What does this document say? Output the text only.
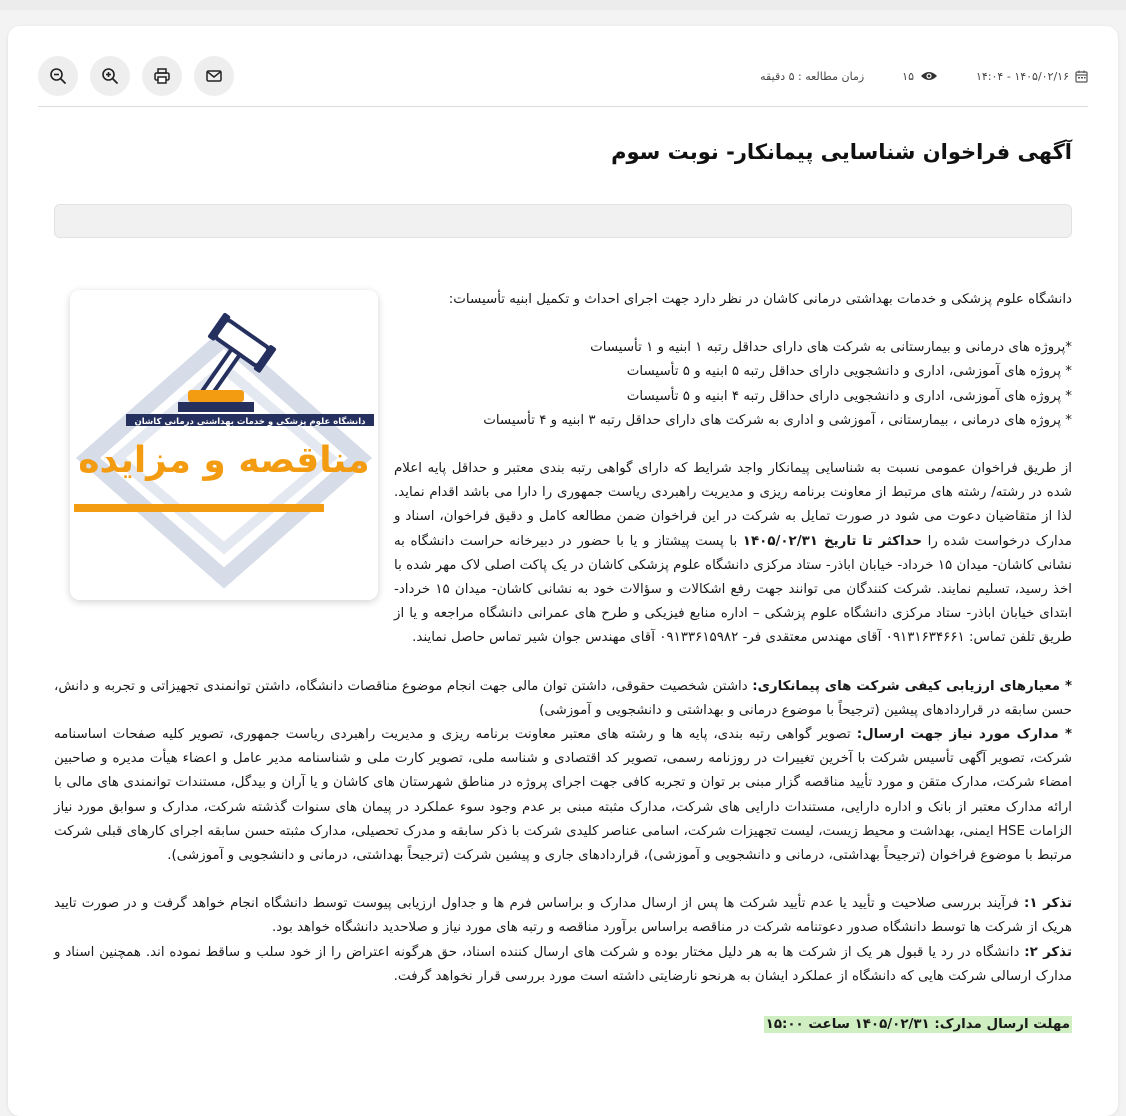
۱۴۰۵/۰۲/۱۶ - ۱۴:۰۴
۱۵
زمان مطالعه : ۵ دقیقه
آگهی فراخوان شناسایی پیمانکار- نوبت سوم
دانشگاه علوم پزشکی و خدمات بهداشتی درمانی کاشان
مناقصه و مزایده

دانشگاه علوم پزشکی و خدمات بهداشتی درمانی کاشان در نظر دارد جهت اجرای احداث و تکمیل ابنیه تأسیسات:

*پروژه های درمانی و بیمارستانی به شرکت های دارای حداقل رتبه ۱ ابنیه و ۱ تأسیسات

* پروژه های آموزشی، اداری و دانشجویی دارای حداقل رتبه ۵ ابنیه و ۵ تأسیسات

* پروژه های آموزشی، اداری و دانشجویی دارای حداقل رتبه ۴ ابنیه و ۵ تأسیسات

* پروژه های درمانی ، بیمارستانی ، آموزشی و اداری به شرکت های دارای حداقل رتبه ۳ ابنیه و ۴ تأسیسات

از طریق فراخوان عمومی نسبت به شناسایی پیمانکار واجد شرایط که دارای گواهی رتبه بندی معتبر و حداقل پایه اعلام شده در رشته/ رشته های مرتبط از معاونت برنامه ریزی و مدیریت راهبردی ریاست جمهوری را دارا می باشد اقدام نماید. لذا از متقاضیان دعوت می شود در صورت تمایل به شرکت در این فراخوان ضمن مطالعه کامل و دقیق فراخوان، اسناد و مدارک درخواست شده را حداکثر تا تاریخ ۱۴۰۵/۰۲/۳۱ با پست پیشتاز و یا با حضور در دبیرخانه حراست دانشگاه به نشانی کاشان- میدان ۱۵ خرداد- خیابان اباذر- ستاد مرکزی دانشگاه علوم پزشکی کاشان در یک پاکت اصلی لاک مهر شده با اخذ رسید، تسلیم نمایند. شرکت کنندگان می توانند جهت رفع اشکالات و سؤالات خود به نشانی کاشان- میدان ۱۵ خرداد- ابتدای خیابان اباذر- ستاد مرکزی دانشگاه علوم پزشکی – اداره منابع فیزیکی و طرح های عمرانی دانشگاه مراجعه و یا از طریق تلفن تماس: ۰۹۱۳۱۶۳۴۶۶۱ آقای مهندس معتقدی فر- ۰۹۱۳۳۶۱۵۹۸۲ آقای مهندس جوان شیر تماس حاصل نمایند.

* معیارهای ارزیابی کیفی شرکت های پیمانکاری: داشتن شخصیت حقوقی، داشتن توان مالی جهت انجام موضوع مناقصات دانشگاه، داشتن توانمندی تجهیزاتی و تجربه و دانش، حسن سابقه در قراردادهای پیشین (ترجیحاً با موضوع درمانی و بهداشتی و دانشجویی و آموزشی)

* مدارک مورد نیاز جهت ارسال: تصویر گواهی رتبه بندی، پایه ها و رشته های معتبر معاونت برنامه ریزی و مدیریت راهبردی ریاست جمهوری، تصویر کلیه صفحات اساسنامه شرکت، تصویر آگهی تأسیس شرکت با آخرین تغییرات در روزنامه رسمی، تصویر کد اقتصادی و شناسه ملی، تصویر کارت ملی و شناسنامه مدیر عامل و اعضاء هیأت مدیره و صاحبین امضاء شرکت، مدارک متقن و مورد تأیید مناقصه گزار مبنی بر توان و تجربه کافی جهت اجرای پروژه در مناطق شهرستان های کاشان و یا آران و بیدگل، مستندات توانمندی های مالی با ارائه مدارک معتبر از بانک و اداره دارایی، مستندات دارایی های شرکت، مدارک مثبته مبنی بر عدم وجود سوء عملکرد در پیمان های سنوات گذشته شرکت، مدارک و سوابق مورد نیاز الزامات HSE ایمنی، بهداشت و محیط زیست، لیست تجهیزات شرکت، اسامی عناصر کلیدی شرکت با ذکر سابقه و مدرک تحصیلی، مدارک مثبته حسن سابقه اجرای کارهای قبلی شرکت مرتبط با موضوع فراخوان (ترجیحاً بهداشتی، درمانی و دانشجویی و آموزشی)، قراردادهای جاری و پیشین شرکت (ترجیحاً بهداشتی، درمانی و دانشجویی و آموزشی).

تذکر ۱: فرآیند بررسی صلاحیت و تأیید یا عدم تأیید شرکت ها پس از ارسال مدارک و براساس فرم ها و جداول ارزیابی پیوست توسط دانشگاه انجام خواهد گرفت و در صورت تایید هریک از شرکت ها توسط دانشگاه صدور دعوتنامه شرکت در مناقصه براساس برآورد مناقصه و رتبه های مورد نیاز و صلاحدید دانشگاه خواهد بود.

تذکر ۲: دانشگاه در رد یا قبول هر یک از شرکت ها به هر دلیل مختار بوده و شرکت های ارسال کننده اسناد، حق هرگونه اعتراض را از خود سلب و ساقط نموده اند. همچنین اسناد و مدارک ارسالی شرکت هایی که دانشگاه از عملکرد ایشان به هرنحو نارضایتی داشته است مورد بررسی قرار نخواهد گرفت.

مهلت ارسال مدارک: ۱۴۰۵/۰۲/۳۱ ساعت ۱۵:۰۰
